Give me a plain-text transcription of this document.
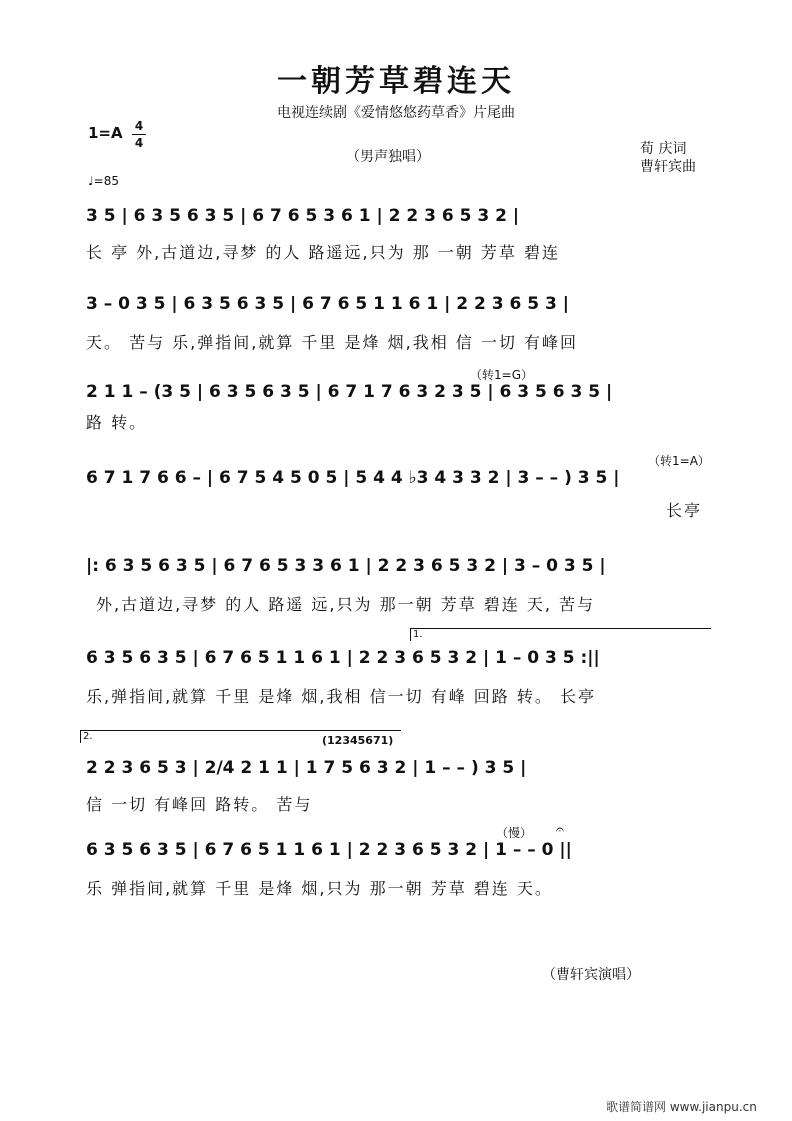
一朝芳草碧连天
电视连续剧《爱情悠悠药草香》片尾曲
1=A 4
4
（男声独唱）	荀 庆词
曹轩宾曲
♩=85
3 5 | 6 3 5 6 3 5 | 6 7 6 5 3 6 1 | 2 2 3 6 5 3 2 |
长 亭 外,古道边,寻梦 的人 路遥远,只为 那 一朝 芳草 碧连
3 – 0 3 5 | 6 3 5 6 3 5 | 6 7 6 5 1 1 6 1 | 2 2 3 6 5 3 |
天。 苦与 乐,弹指间,就算 千里 是烽 烟,我相 信 一切 有峰回
（转1=G）
2 1 1 – (3 5 | 6 3 5 6 3 5 | 6 7 1 7 6 3 2 3 5 | 6 3 5 6 3 5 |
路 转。
（转1=A）
6 7 1 7 6 6 – | 6 7 5 4 5 0 5 | 5 4 4 ♭3 4 3 3 2 | 3 – – ) 3 5 |
长亭
|: 6 3 5 6 3 5 | 6 7 6 5 3 3 6 1 | 2 2 3 6 5 3 2 | 3 – 0 3 5 |
外,古道边,寻梦 的人 路遥 远,只为 那一朝 芳草 碧连 天, 苦与
1.
6 3 5 6 3 5 | 6 7 6 5 1 1 6 1 | 2 2 3 6 5 3 2 | 1 – 0 3 5 :||
乐,弹指间,就算 千里 是烽 烟,我相 信一切 有峰 回路 转。 长亭
2.	(12345671)
2 2 3 6 5 3 | 2/4 2 1 1 | 1 7 5 6 3 2 | 1 – – ) 3 5 |
信 一切 有峰回 路转。 苦与
（慢） 𝄐
6 3 5 6 3 5 | 6 7 6 5 1 1 6 1 | 2 2 3 6 5 3 2 | 1 – – 0 ||
乐 弹指间,就算 千里 是烽 烟,只为 那一朝 芳草 碧连 天。
（曹轩宾演唱）
歌谱简谱网 www.jianpu.cn
